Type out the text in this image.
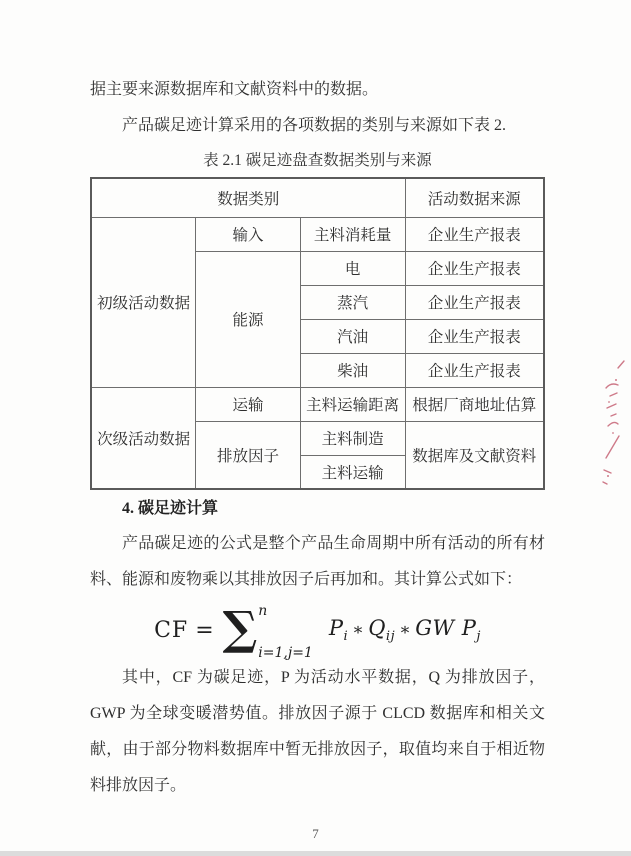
据主要来源数据库和文献资料中的数据。

产品碳足迹计算采用的各项数据的类别与来源如下表 2.

表 2.1 碳足迹盘查数据类别与来源
数据类别			活动数据来源
初级活动数据	输入	主料消耗量	企业生产报表
	能源	电	企业生产报表
		蒸汽	企业生产报表
		汽油	企业生产报表
		柴油	企业生产报表
次级活动数据	运输	主料运输距离	根据厂商地址估算
	排放因子	主料制造	数据库及文献资料
		主料运输	
4. 碳足迹计算

产品碳足迹的公式是整个产品生命周期中所有活动的所有材料、能源和废物乘以其排放因子后再加和。其计算公式如下：

CF = ∑ n
i=1,j=1
$P_i$ ∗ $Q_{ij}$ ∗ GW $P_j$

其中，CF 为碳足迹，P 为活动水平数据，Q 为排放因子，GWP 为全球变暖潜势值。排放因子源于 CLCD 数据库和相关文献，由于部分物料数据库中暂无排放因子，取值均来自于相近物料排放因子。

7
